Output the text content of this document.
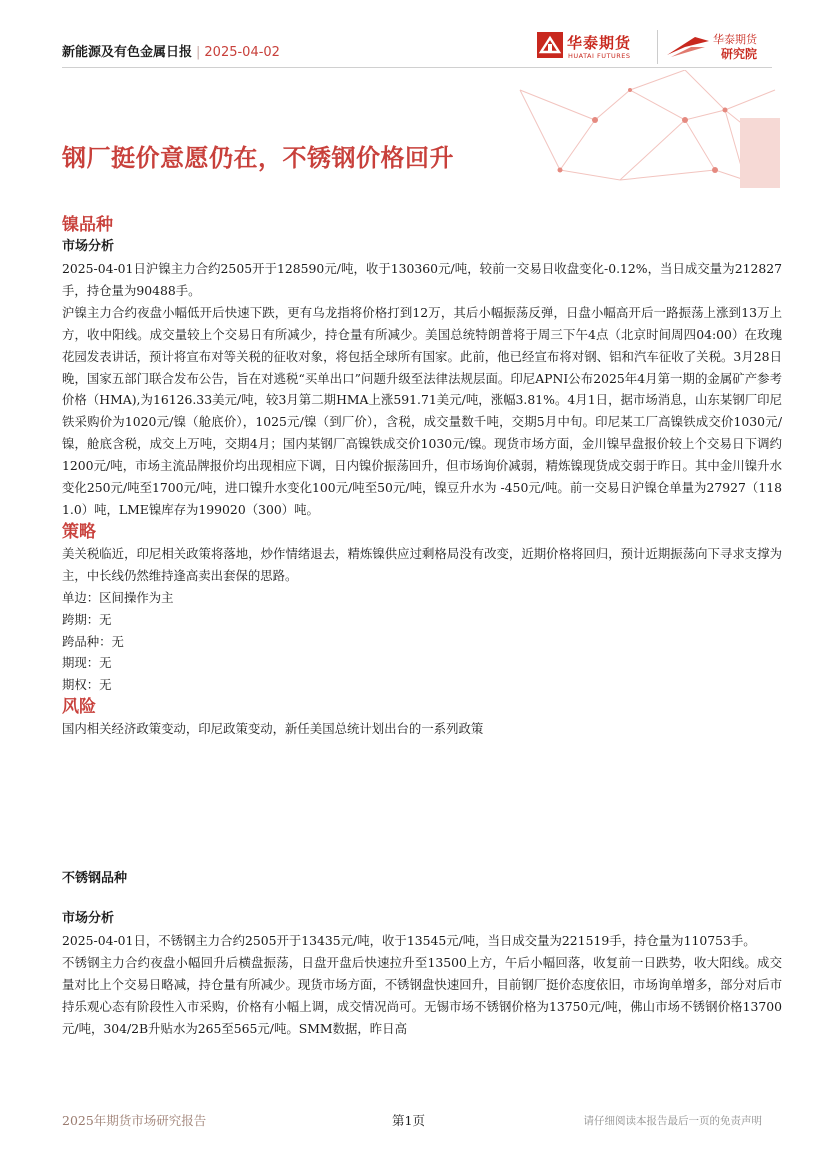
新能源及有色金属日报 | 2025-04-02
华泰期货
HUATAI FUTURES
华泰期货
研究院
钢厂挺价意愿仍在，不锈钢价格回升
镍品种
市场分析

2025-04-01日沪镍主力合约2505开于128590元/吨，收于130360元/吨，较前一交易日收盘变化-0.12%，当日成交量为212827手，持仓量为90488手。

沪镍主力合约夜盘小幅低开后快速下跌，更有乌龙指将价格打到12万，其后小幅振荡反弹，日盘小幅高开后一路振荡上涨到13万上方，收中阳线。成交量较上个交易日有所减少，持仓量有所减少。美国总统特朗普将于周三下午4点（北京时间周四04:00）在玫瑰花园发表讲话，预计将宣布对等关税的征收对象，将包括全球所有国家。此前，他已经宣布将对钢、铝和汽车征收了关税。3月28日晚，国家五部门联合发布公告，旨在对逃税“买单出口”问题升级至法律法规层面。印尼APNI公布2025年4月第一期的金属矿产参考价格（HMA),为16126.33美元/吨，较3月第二期HMA上涨591.71美元/吨，涨幅3.81%。4月1日，据市场消息，山东某钢厂印尼铁采购价为1020元/镍（舱底价），1025元/镍（到厂价），含税，成交量数千吨，交期5月中旬。印尼某工厂高镍铁成交价1030元/镍，舱底含税，成交上万吨，交期4月；国内某钢厂高镍铁成交价1030元/镍。现货市场方面，金川镍早盘报价较上个交易日下调约1200元/吨，市场主流品牌报价均出现相应下调，日内镍价振荡回升，但市场询价减弱，精炼镍现货成交弱于昨日。其中金川镍升水变化250元/吨至1700元/吨，进口镍升水变化100元/吨至50元/吨，镍豆升水为 -450元/吨。前一交易日沪镍仓单量为27927（1181.0）吨，LME镍库存为199020（300）吨。

策略

美关税临近，印尼相关政策将落地，炒作情绪退去，精炼镍供应过剩格局没有改变，近期价格将回归，预计近期振荡向下寻求支撑为主，中长线仍然维持逢高卖出套保的思路。

单边：区间操作为主
跨期：无
跨品种：无
期现：无
期权：无
风险

国内相关经济政策变动，印尼政策变动，新任美国总统计划出台的一系列政策

不锈钢品种
市场分析

2025-04-01日，不锈钢主力合约2505开于13435元/吨，收于13545元/吨，当日成交量为221519手，持仓量为110753手。

不锈钢主力合约夜盘小幅回升后横盘振荡，日盘开盘后快速拉升至13500上方，午后小幅回落，收复前一日跌势，收大阳线。成交量对比上个交易日略减，持仓量有所减少。现货市场方面，不锈钢盘快速回升，目前钢厂挺价态度依旧，市场询单增多，部分对后市持乐观心态有阶段性入市采购，价格有小幅上调，成交情况尚可。无锡市场不锈钢价格为13750元/吨，佛山市场不锈钢价格13700元/吨，304/2B升贴水为265至565元/吨。SMM数据，昨日高

2025年期货市场研究报告	第1页	请仔细阅读本报告最后一页的免责声明
